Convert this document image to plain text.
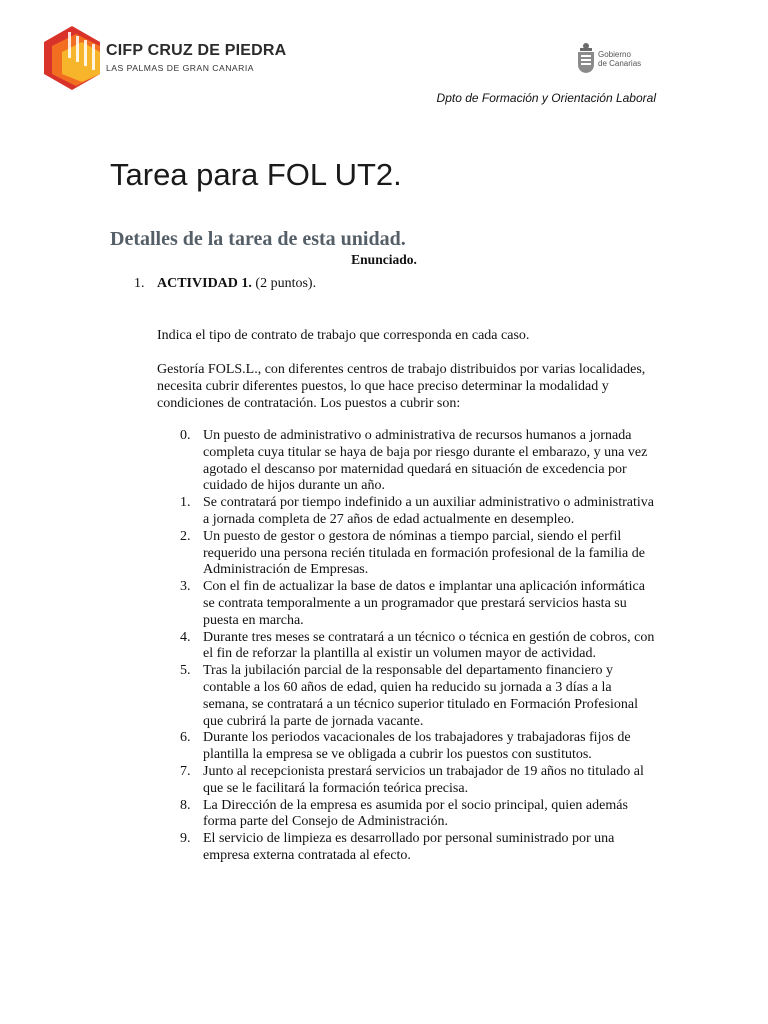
CIFP CRUZ DE PIEDRA
LAS PALMAS DE GRAN CANARIA
Gobierno
de Canarias
Dpto de Formación y Orientación Laboral
Tarea para FOL UT2.
Detalles de la tarea de esta unidad.
Enunciado.
1. ACTIVIDAD 1. (2 puntos).
Indica el tipo de contrato de trabajo que corresponda en cada caso.
Gestoría FOLS.L., con diferentes centros de trabajo distribuidos por varias localidades, necesita cubrir diferentes puestos, lo que hace preciso determinar la modalidad y condiciones de contratación. Los puestos a cubrir son:
0. Un puesto de administrativo o administrativa de recursos humanos a jornada completa cuya titular se haya de baja por riesgo durante el embarazo, y una vez agotado el descanso por maternidad quedará en situación de excedencia por cuidado de hijos durante un año.
1. Se contratará por tiempo indefinido a un auxiliar administrativo o administrativa a jornada completa de 27 años de edad actualmente en desempleo.
2. Un puesto de gestor o gestora de nóminas a tiempo parcial, siendo el perfil requerido una persona recién titulada en formación profesional de la familia de Administración de Empresas.
3. Con el fin de actualizar la base de datos e implantar una aplicación informática se contrata temporalmente a un programador que prestará servicios hasta su puesta en marcha.
4. Durante tres meses se contratará a un técnico o técnica en gestión de cobros, con el fin de reforzar la plantilla al existir un volumen mayor de actividad.
5. Tras la jubilación parcial de la responsable del departamento financiero y contable a los 60 años de edad, quien ha reducido su jornada a 3 días a la semana, se contratará a un técnico superior titulado en Formación Profesional que cubrirá la parte de jornada vacante.
6. Durante los periodos vacacionales de los trabajadores y trabajadoras fijos de plantilla la empresa se ve obligada a cubrir los puestos con sustitutos.
7. Junto al recepcionista prestará servicios un trabajador de 19 años no titulado al que se le facilitará la formación teórica precisa.
8. La Dirección de la empresa es asumida por el socio principal, quien además forma parte del Consejo de Administración.
9. El servicio de limpieza es desarrollado por personal suministrado por una empresa externa contratada al efecto.
